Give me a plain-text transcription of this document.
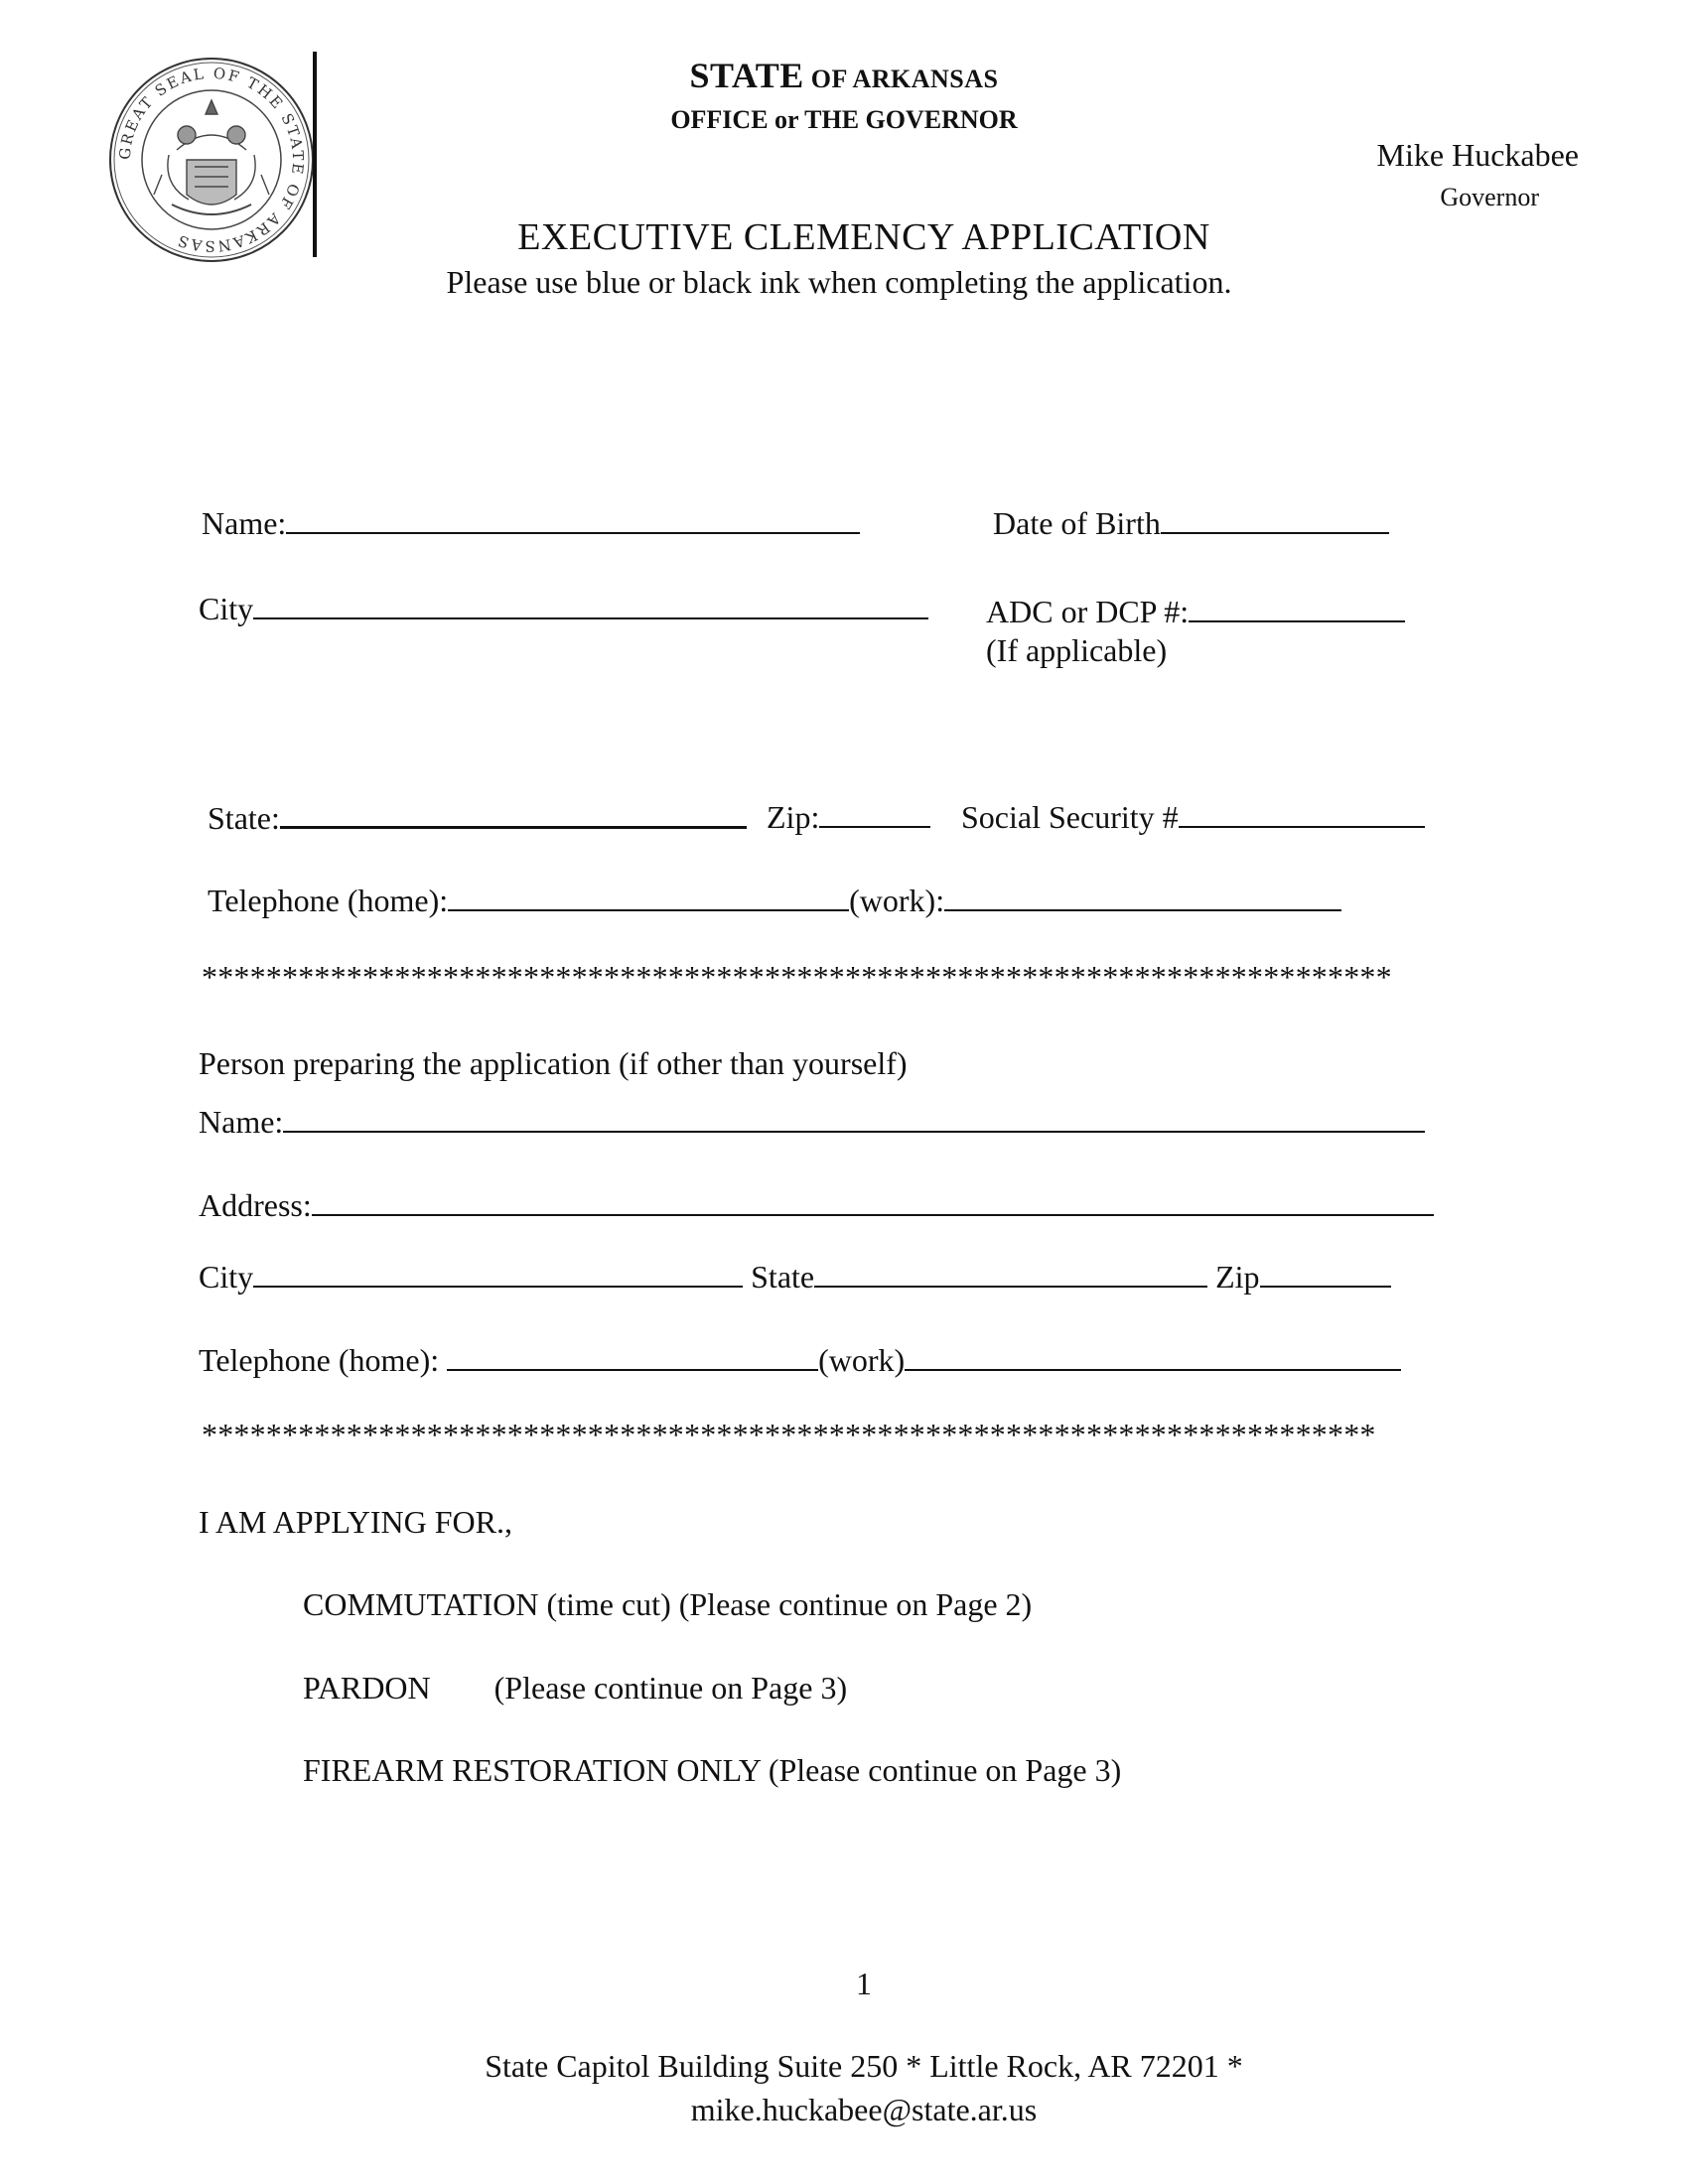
GREAT SEAL OF THE STATE OF ARKANSAS
STATE OF ARKANSAS
OFFICE or THE GOVERNOR
Mike Huckabee
Governor
EXECUTIVE CLEMENCY APPLICATION
Please use blue or black ink when completing the application.
Name:	Date of Birth
City	ADC or DCP #:
(If applicable)
State:	Zip:	Social Security #
Telephone (home):	(work):
**************************************************************************
Person preparing the application (if other than yourself)
Name:
Address:
City	State	Zip
Telephone (home):	(work)
*************************************************************************
I AM APPLYING FOR.,
COMMUTATION (time cut) (Please continue on Page 2)
PARDON (Please continue on Page 3)
FIREARM RESTORATION ONLY (Please continue on Page 3)
1
State Capitol Building Suite 250 * Little Rock, AR 72201 *
mike.huckabee@state.ar.us
